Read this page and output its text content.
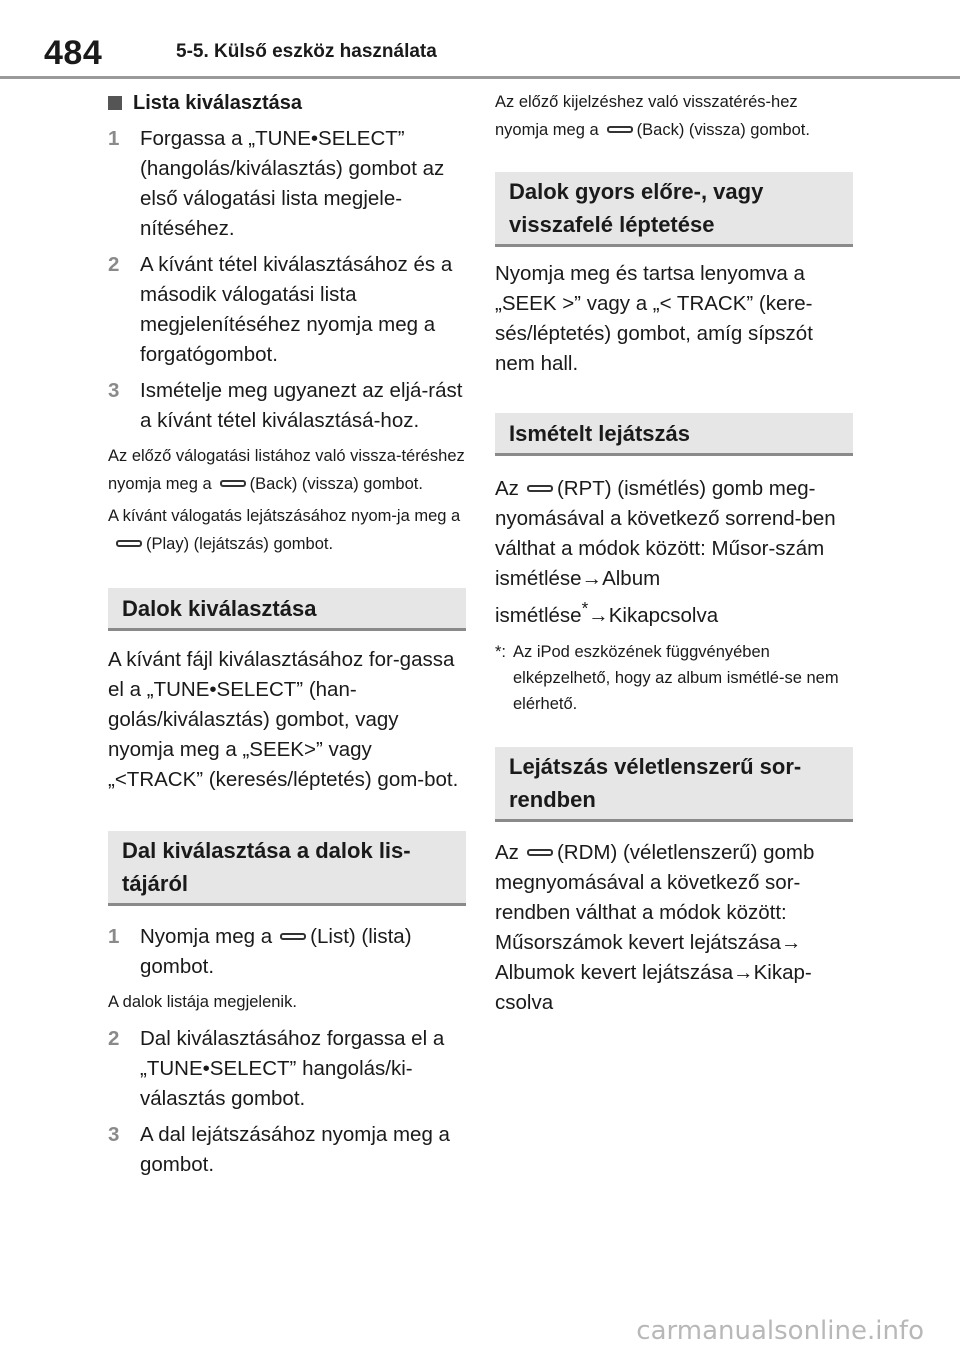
484	5-5. Külső eszköz használata
Lista kiválasztása
1	Forgassa a „TUNE•SELECT” (hangolás/kiválasztás) gombot az első válogatási lista megjele-nítéséhez.
2	A kívánt tétel kiválasztásához és a második válogatási lista megjelenítéséhez nyomja meg a forgatógombot.
3	Ismételje meg ugyanezt az eljá-rást a kívánt tétel kiválasztásá-hoz.
Az előző válogatási listához való vissza-téréshez nyomja meg a (Back) (vissza) gombot.
A kívánt válogatás lejátszásához nyom-ja meg a(Play) (lejátszás) gombot.
Dalok kiválasztása
A kívánt fájl kiválasztásához for-gassa el a „TUNE•SELECT” (han-golás/kiválasztás) gombot, vagy nyomja meg a „SEEK>” vagy „<TRACK” (keresés/léptetés) gom-bot.
Dal kiválasztása a dalok lis-tájáról
1	Nyomja meg a (List) (lista) gombot.
A dalok listája megjelenik.
2	Dal kiválasztásához forgassa el a „TUNE•SELECT” hangolás/ki-választás gombot.
3	A dal lejátszásához nyomja meg a gombot.
Az előző kijelzéshez való visszatérés-hez nyomja meg a (Back) (vissza) gombot.
Dalok gyors előre-, vagy visszafelé léptetése
Nyomja meg és tartsa lenyomva a „SEEK >” vagy a „< TRACK” (kere-sés/léptetés) gombot, amíg sípszót nem hall.
Ismételt lejátszás
Az (RPT) (ismétlés) gomb meg-nyomásával a következő sorrend-ben válthat a módok között: Műsor-szám ismétlése→Album ismétlése*→Kikapcsolva
*: Az iPod eszközének függvényében elképzelhető, hogy az album ismétlé-se nem elérhető.
Lejátszás véletlenszerű sor-rendben
Az (RDM) (véletlenszerű) gomb megnyomásával a következő sor-rendben válthat a módok között: Műsorszámok kevert lejátszása→ Albumok kevert lejátszása→Kikap-csolva
carmanualsonline.info
